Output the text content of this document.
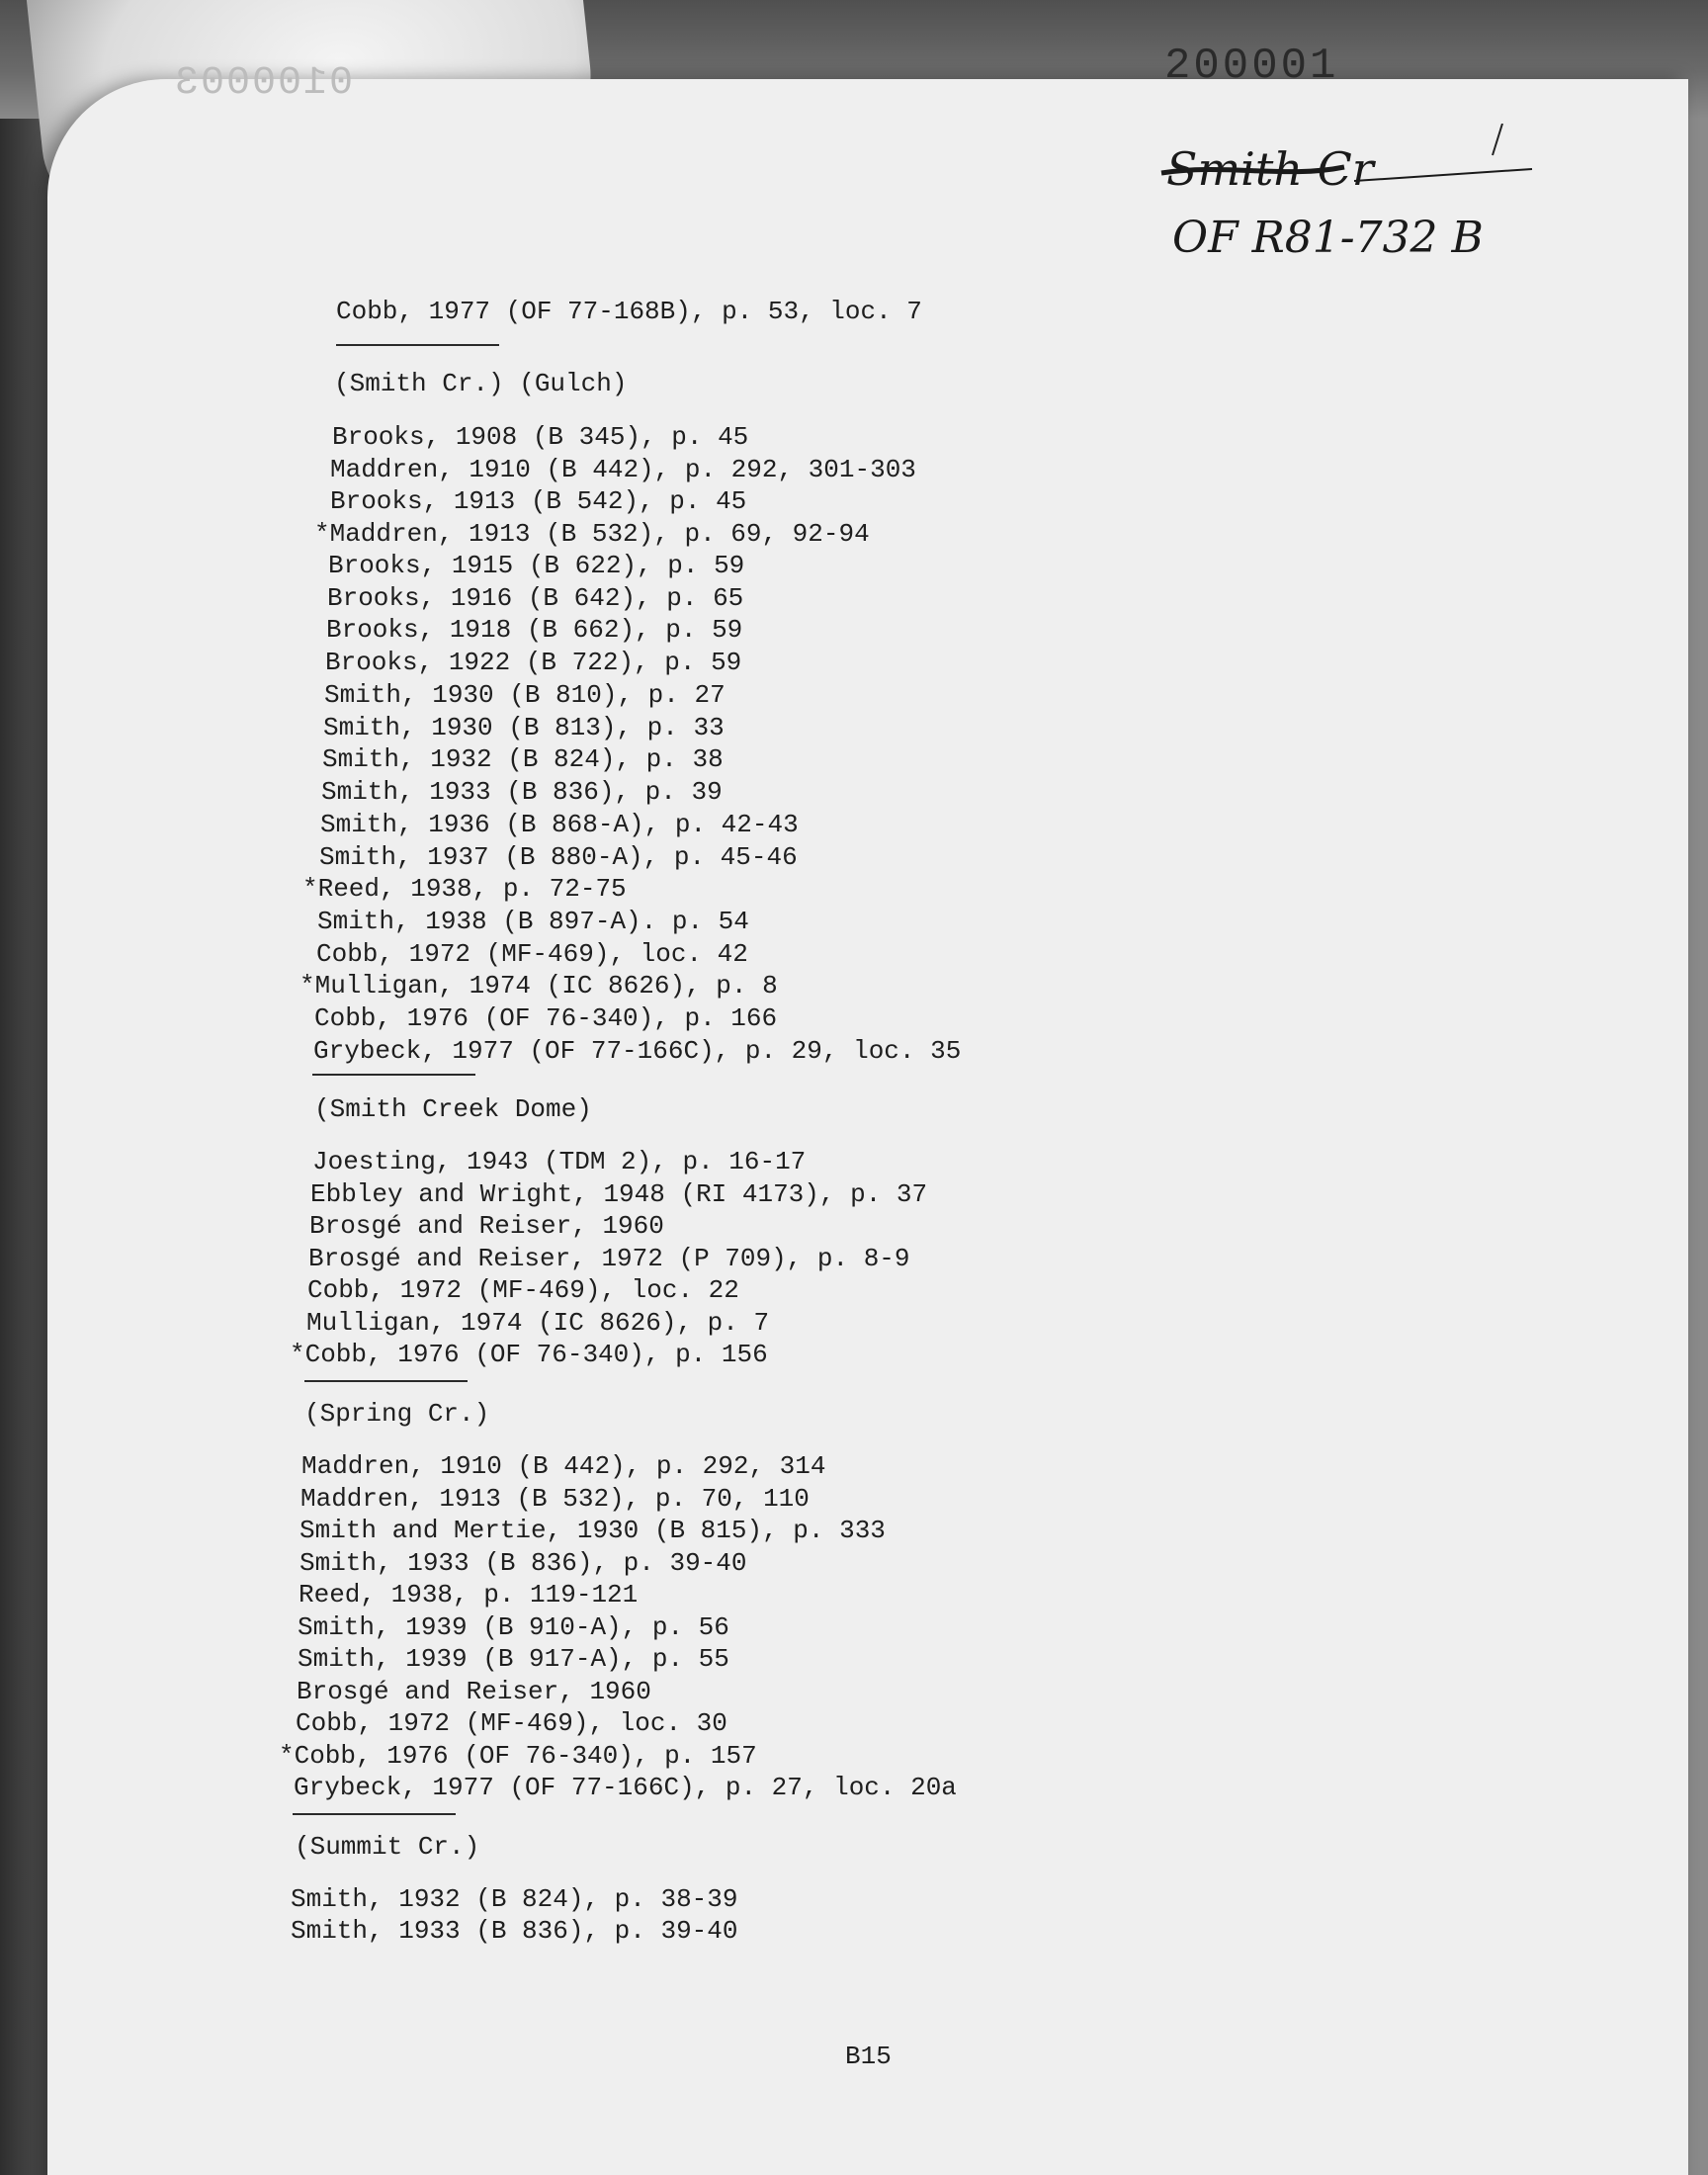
0100003	200001
Smith Cr
OF R81-732 B
Cobb, 1977 (OF 77-168B), p. 53, loc. 7
(Smith Cr.) (Gulch)
Brooks, 1908 (B 345), p. 45
Maddren, 1910 (B 442), p. 292, 301-303
Brooks, 1913 (B 542), p. 45
*Maddren, 1913 (B 532), p. 69, 92-94
Brooks, 1915 (B 622), p. 59
Brooks, 1916 (B 642), p. 65
Brooks, 1918 (B 662), p. 59
Brooks, 1922 (B 722), p. 59
Smith, 1930 (B 810), p. 27
Smith, 1930 (B 813), p. 33
Smith, 1932 (B 824), p. 38
Smith, 1933 (B 836), p. 39
Smith, 1936 (B 868-A), p. 42-43
Smith, 1937 (B 880-A), p. 45-46
*Reed, 1938, p. 72-75
Smith, 1938 (B 897-A). p. 54
Cobb, 1972 (MF-469), loc. 42
*Mulligan, 1974 (IC 8626), p. 8
Cobb, 1976 (OF 76-340), p. 166
Grybeck, 1977 (OF 77-166C), p. 29, loc. 35
(Smith Creek Dome)
Joesting, 1943 (TDM 2), p. 16-17
Ebbley and Wright, 1948 (RI 4173), p. 37
Brosgé and Reiser, 1960
Brosgé and Reiser, 1972 (P 709), p. 8-9
Cobb, 1972 (MF-469), loc. 22
Mulligan, 1974 (IC 8626), p. 7
*Cobb, 1976 (OF 76-340), p. 156
(Spring Cr.)
Maddren, 1910 (B 442), p. 292, 314
Maddren, 1913 (B 532), p. 70, 110
Smith and Mertie, 1930 (B 815), p. 333
Smith, 1933 (B 836), p. 39-40
Reed, 1938, p. 119-121
Smith, 1939 (B 910-A), p. 56
Smith, 1939 (B 917-A), p. 55
Brosgé and Reiser, 1960
Cobb, 1972 (MF-469), loc. 30
*Cobb, 1976 (OF 76-340), p. 157
Grybeck, 1977 (OF 77-166C), p. 27, loc. 20a
(Summit Cr.)
Smith, 1932 (B 824), p. 38-39
Smith, 1933 (B 836), p. 39-40
B15
